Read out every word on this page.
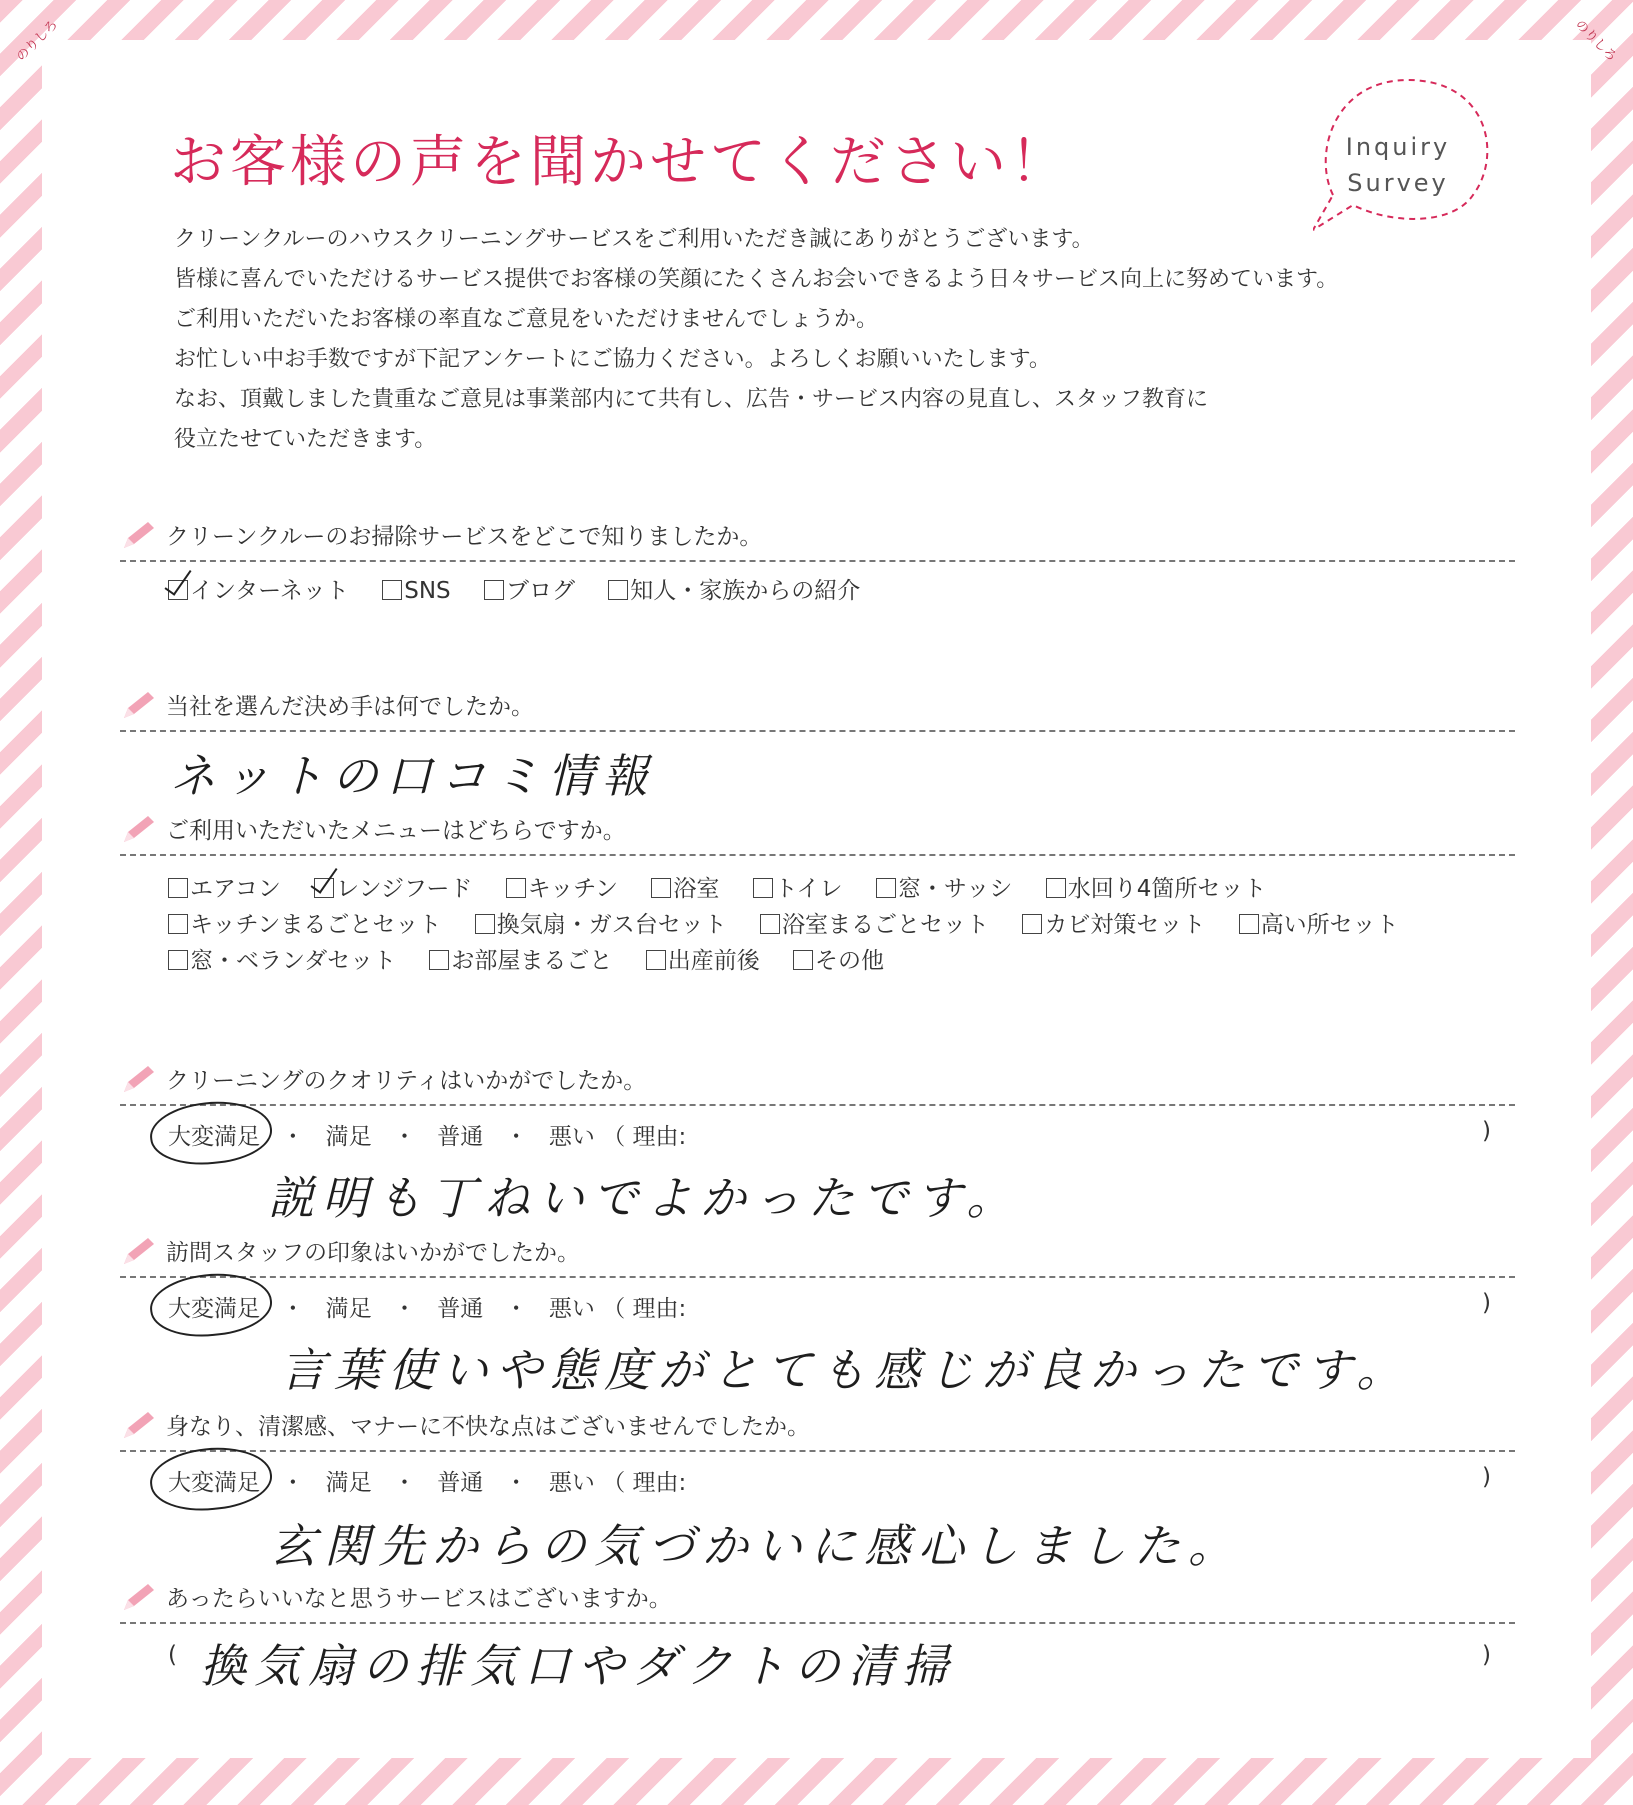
のりしろ	のりしろ
お客様の声を聞かせてください！	Inquiry
Survey

クリーンクルーのハウスクリーニングサービスをご利用いただき誠にありがとうございます。

皆様に喜んでいただけるサービス提供でお客様の笑顔にたくさんお会いできるよう日々サービス向上に努めています。

ご利用いただいたお客様の率直なご意見をいただけませんでしょうか。

お忙しい中お手数ですが下記アンケートにご協力ください。よろしくお願いいたします。

なお、頂戴しました貴重なご意見は事業部内にて共有し、広告・サービス内容の見直し、スタッフ教育に

役立たせていただきます。

クリーンクルーのお掃除サービスをどこで知りましたか。
インターネット SNS ブログ 知人・家族からの紹介
当社を選んだ決め手は何でしたか。
ネットの口コミ情報
ご利用いただいたメニューはどちらですか。
エアコン レンジフード キッチン 浴室 トイレ 窓・サッシ 水回り4箇所セット
キッチンまるごとセット 換気扇・ガス台セット 浴室まるごとセット カビ対策セット 高い所セット
窓・ベランダセット お部屋まるごと 出産前後 その他
クリーニングのクオリティはいかがでしたか。
大変満足 ・ 満足 ・ 普通 ・ 悪い （ 理由:	)
説明も丁ねいでよかったです。
訪問スタッフの印象はいかがでしたか。
大変満足 ・ 満足 ・ 普通 ・ 悪い （ 理由:	)
言葉使いや態度がとても感じが良かったです。
身なり、清潔感、マナーに不快な点はございませんでしたか。
大変満足 ・ 満足 ・ 普通 ・ 悪い （ 理由:	)
玄関先からの気づかいに感心しました。
あったらいいなと思うサービスはございますか。
( 換気扇の排気口やダクトの清掃	)
